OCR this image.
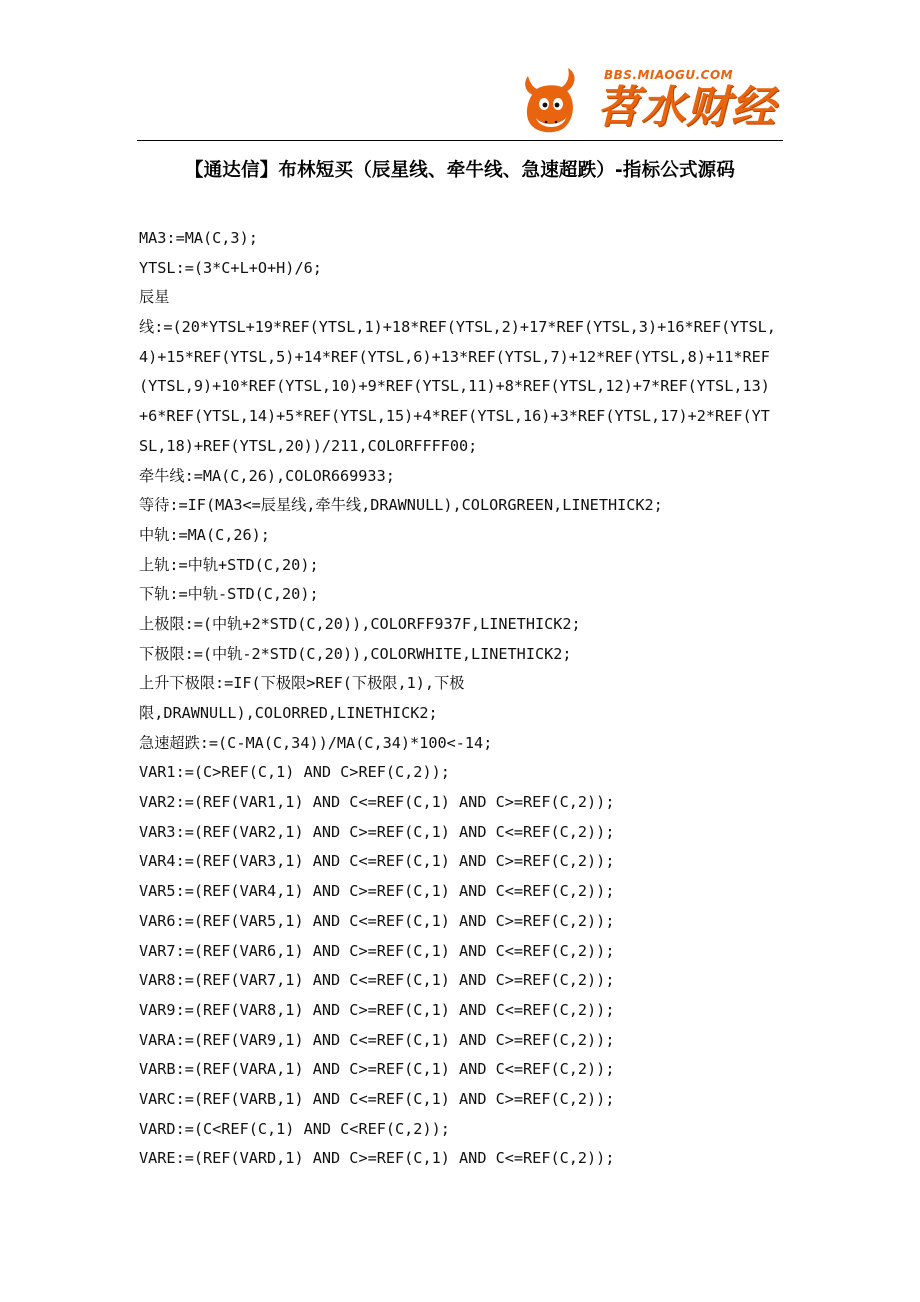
BBS.MIAOGU.COM
苕水财经
【通达信】布林短买（辰星线、牵牛线、急速超跌）-指标公式源码
MA3:=MA(C,3);
YTSL:=(3*C+L+O+H)/6;
辰星
线:=(20*YTSL+19*REF(YTSL,1)+18*REF(YTSL,2)+17*REF(YTSL,3)+16*REF(YTSL,
4)+15*REF(YTSL,5)+14*REF(YTSL,6)+13*REF(YTSL,7)+12*REF(YTSL,8)+11*REF
(YTSL,9)+10*REF(YTSL,10)+9*REF(YTSL,11)+8*REF(YTSL,12)+7*REF(YTSL,13)
+6*REF(YTSL,14)+5*REF(YTSL,15)+4*REF(YTSL,16)+3*REF(YTSL,17)+2*REF(YT
SL,18)+REF(YTSL,20))/211,COLORFFFF00;
牵牛线:=MA(C,26),COLOR669933;
等待:=IF(MA3<=辰星线,牵牛线,DRAWNULL),COLORGREEN,LINETHICK2;
中轨:=MA(C,26);
上轨:=中轨+STD(C,20);
下轨:=中轨-STD(C,20);
上极限:=(中轨+2*STD(C,20)),COLORFF937F,LINETHICK2;
下极限:=(中轨-2*STD(C,20)),COLORWHITE,LINETHICK2;
上升下极限:=IF(下极限>REF(下极限,1),下极
限,DRAWNULL),COLORRED,LINETHICK2;
急速超跌:=(C-MA(C,34))/MA(C,34)*100<-14;
VAR1:=(C>REF(C,1) AND C>REF(C,2));
VAR2:=(REF(VAR1,1) AND C<=REF(C,1) AND C>=REF(C,2));
VAR3:=(REF(VAR2,1) AND C>=REF(C,1) AND C<=REF(C,2));
VAR4:=(REF(VAR3,1) AND C<=REF(C,1) AND C>=REF(C,2));
VAR5:=(REF(VAR4,1) AND C>=REF(C,1) AND C<=REF(C,2));
VAR6:=(REF(VAR5,1) AND C<=REF(C,1) AND C>=REF(C,2));
VAR7:=(REF(VAR6,1) AND C>=REF(C,1) AND C<=REF(C,2));
VAR8:=(REF(VAR7,1) AND C<=REF(C,1) AND C>=REF(C,2));
VAR9:=(REF(VAR8,1) AND C>=REF(C,1) AND C<=REF(C,2));
VARA:=(REF(VAR9,1) AND C<=REF(C,1) AND C>=REF(C,2));
VARB:=(REF(VARA,1) AND C>=REF(C,1) AND C<=REF(C,2));
VARC:=(REF(VARB,1) AND C<=REF(C,1) AND C>=REF(C,2));
VARD:=(C<REF(C,1) AND C<REF(C,2));
VARE:=(REF(VARD,1) AND C>=REF(C,1) AND C<=REF(C,2));
